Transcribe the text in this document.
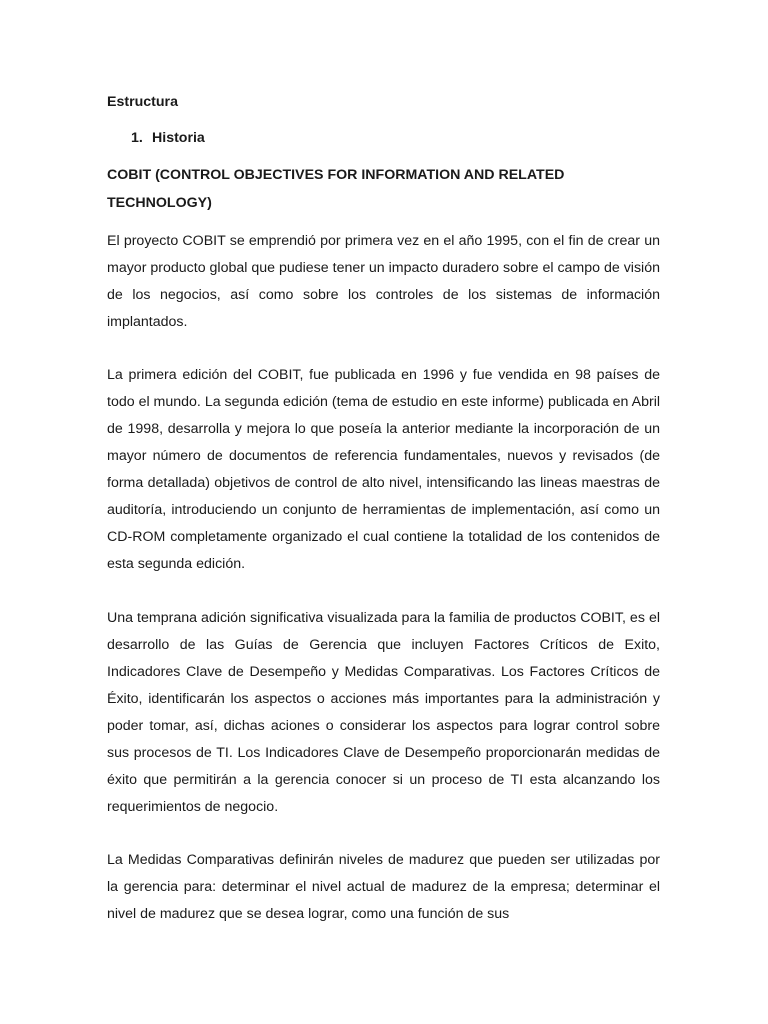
Estructura

1. Historia

COBIT (CONTROL OBJECTIVES FOR INFORMATION AND RELATED TECHNOLOGY)

El proyecto COBIT se emprendió por primera vez en el año 1995, con el fin de crear un mayor producto global que pudiese tener un impacto duradero sobre el campo de visión de los negocios, así como sobre los controles de los sistemas de información implantados.

La primera edición del COBIT, fue publicada en 1996 y fue vendida en 98 países de todo el mundo. La segunda edición (tema de estudio en este informe) publicada en Abril de 1998, desarrolla y mejora lo que poseía la anterior mediante la incorporación de un mayor número de documentos de referencia fundamentales, nuevos y revisados (de forma detallada) objetivos de control de alto nivel, intensificando las lineas maestras de auditoría, introduciendo un conjunto de herramientas de implementación, así como un CD-ROM completamente organizado el cual contiene la totalidad de los contenidos de esta segunda edición.

Una temprana adición significativa visualizada para la familia de productos COBIT, es el desarrollo de las Guías de Gerencia que incluyen Factores Críticos de Exito, Indicadores Clave de Desempeño y Medidas Comparativas. Los Factores Críticos de Éxito, identificarán los aspectos o acciones más importantes para la administración y poder tomar, así, dichas aciones o considerar los aspectos para lograr control sobre sus procesos de TI. Los Indicadores Clave de Desempeño proporcionarán medidas de éxito que permitirán a la gerencia conocer si un proceso de TI esta alcanzando los requerimientos de negocio.

La Medidas Comparativas definirán niveles de madurez que pueden ser utilizadas por la gerencia para: determinar el nivel actual de madurez de la empresa; determinar el nivel de madurez que se desea lograr, como una función de sus
